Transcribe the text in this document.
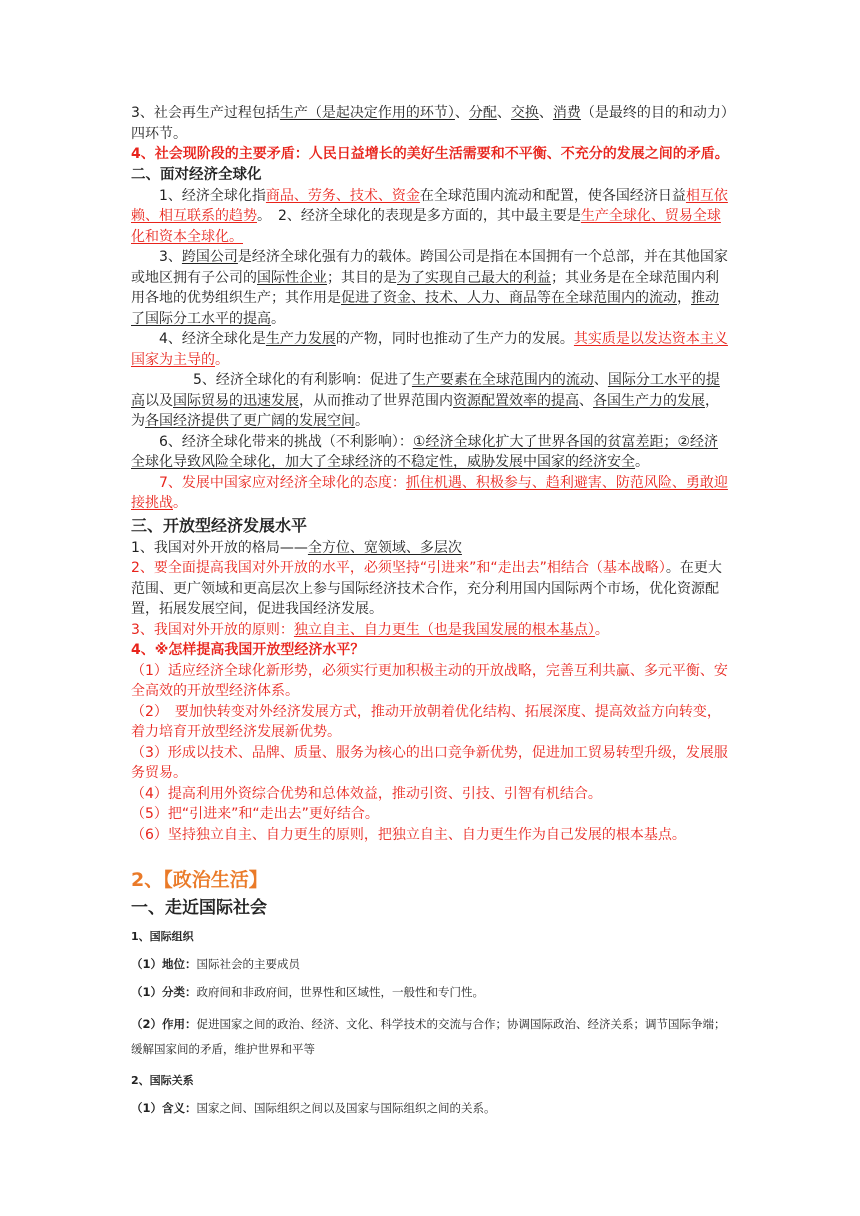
3、社会再生产过程包括生产（是起决定作用的环节）、分配、交换、消费（是最终的目的和动力）四环节。

4、社会现阶段的主要矛盾：人民日益增长的美好生活需要和不平衡、不充分的发展之间的矛盾。

二、面对经济全球化

1、经济全球化指商品、劳务、技术、资金在全球范围内流动和配置，使各国经济日益相互依赖、相互联系的趋势。　2、经济全球化的表现是多方面的，其中最主要是生产全球化、贸易全球化和资本全球化。

3、跨国公司是经济全球化强有力的载体。跨国公司是指在本国拥有一个总部，并在其他国家或地区拥有子公司的国际性企业；其目的是为了实现自己最大的利益；其业务是在全球范围内利用各地的优势组织生产；其作用是促进了资金、技术、人力、商品等在全球范围内的流动，推动了国际分工水平的提高。

4、经济全球化是生产力发展的产物，同时也推动了生产力的发展。其实质是以发达资本主义国家为主导的。

5、经济全球化的有利影响：促进了生产要素在全球范围内的流动、国际分工水平的提高以及国际贸易的迅速发展，从而推动了世界范围内资源配置效率的提高、各国生产力的发展，为各国经济提供了更广阔的发展空间。

6、经济全球化带来的挑战（不利影响）：①经济全球化扩大了世界各国的贫富差距；②经济全球化导致风险全球化，加大了全球经济的不稳定性，威胁发展中国家的经济安全。

7、发展中国家应对经济全球化的态度：抓住机遇、积极参与、趋利避害、防范风险、勇敢迎接挑战。

三、开放型经济发展水平

1、我国对外开放的格局——全方位、宽领域、多层次

2、要全面提高我国对外开放的水平，必须坚持“引进来”和“走出去”相结合（基本战略）。在更大范围、更广领域和更高层次上参与国际经济技术合作，充分利用国内国际两个市场，优化资源配置，拓展发展空间，促进我国经济发展。

3、我国对外开放的原则：独立自主、自力更生（也是我国发展的根本基点）。

4、※怎样提高我国开放型经济水平？

（1）适应经济全球化新形势，必须实行更加积极主动的开放战略，完善互利共赢、多元平衡、安全高效的开放型经济体系。

（2）　要加快转变对外经济发展方式，推动开放朝着优化结构、拓展深度、提高效益方向转变，着力培育开放型经济发展新优势。

（3）形成以技术、品牌、质量、服务为核心的出口竞争新优势，促进加工贸易转型升级，发展服务贸易。

（4）提高利用外资综合优势和总体效益，推动引资、引技、引智有机结合。

（5）把“引进来”和“走出去”更好结合。

（6）坚持独立自主、自力更生的原则，把独立自主、自力更生作为自己发展的根本基点。

2、【政治生活】

一、走近国际社会

1、国际组织

（1）地位：国际社会的主要成员

（1）分类：政府间和非政府间，世界性和区域性，一般性和专门性。

（2）作用：促进国家之间的政治、经济、文化、科学技术的交流与合作；协调国际政治、经济关系；调节国际争端；缓解国家间的矛盾，维护世界和平等

2、国际关系

（1）含义：国家之间、国际组织之间以及国家与国际组织之间的关系。
